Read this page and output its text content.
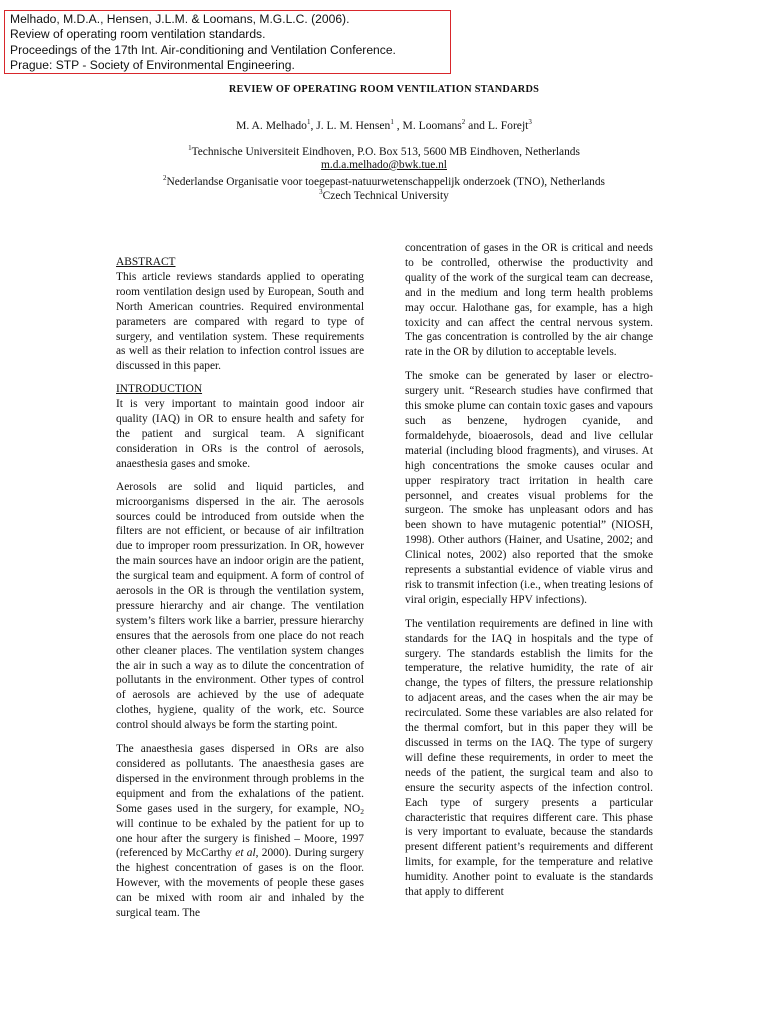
Melhado, M.D.A., Hensen, J.L.M. & Loomans, M.G.L.C. (2006).
Review of operating room ventilation standards.
Proceedings of the 17th Int. Air-conditioning and Ventilation Conference.
Prague: STP - Society of Environmental Engineering.
REVIEW OF OPERATING ROOM VENTILATION STANDARDS
M. A. Melhado$^1$, J. L. M. Hensen$^1$ , M. Loomans$^2$ and L. Forejt$^3$
$^1$Technische Universiteit Eindhoven, P.O. Box 513, 5600 MB Eindhoven, Netherlands
m.d.a.melhado@bwk.tue.nl
$^2$Nederlandse Organisatie voor toegepast-natuurwetenschappelijk onderzoek (TNO), Netherlands
$^3$Czech Technical University

ABSTRACT
This article reviews standards applied to operating room ventilation design used by European, South and North American countries. Required environmental parameters are compared with regard to type of surgery, and ventilation system. These requirements as well as their relation to infection control issues are discussed in this paper.

INTRODUCTION
It is very important to maintain good indoor air quality (IAQ) in OR to ensure health and safety for the patient and surgical team. A significant consideration in ORs is the control of aerosols, anaesthesia gases and smoke.

Aerosols are solid and liquid particles, and microorganisms dispersed in the air. The aerosols sources could be introduced from outside when the filters are not efficient, or because of air infiltration due to improper room pressurization. In OR, however the main sources have an indoor origin are the patient, the surgical team and equipment. A form of control of aerosols in the OR is through the ventilation system, pressure hierarchy and air change. The ventilation system’s filters work like a barrier, pressure hierarchy ensures that the aerosols from one place do not reach other cleaner places. The ventilation system changes the air in such a way as to dilute the concentration of pollutants in the environment. Other types of control of aerosols are achieved by the use of adequate clothes, hygiene, quality of the work, etc. Source control should always be form the starting point.

The anaesthesia gases dispersed in ORs are also considered as pollutants. The anaesthesia gases are dispersed in the environment through problems in the equipment and from the exhalations of the patient. Some gases used in the surgery, for example, $NO_2$ will continue to be exhaled by the patient for up to one hour after the surgery is finished – Moore, 1997 (referenced by McCarthy et al, 2000). During surgery the highest concentration of gases is on the floor. However, with the movements of people these gases can be mixed with room air and inhaled by the surgical team. The

concentration of gases in the OR is critical and needs to be controlled, otherwise the productivity and quality of the work of the surgical team can decrease, and in the medium and long term health problems may occur. Halothane gas, for example, has a high toxicity and can affect the central nervous system. The gas concentration is controlled by the air change rate in the OR by dilution to acceptable levels.

The smoke can be generated by laser or electro-surgery unit. “Research studies have confirmed that this smoke plume can contain toxic gases and vapours such as benzene, hydrogen cyanide, and formaldehyde, bioaerosols, dead and live cellular material (including blood fragments), and viruses. At high concentrations the smoke causes ocular and upper respiratory tract irritation in health care personnel, and creates visual problems for the surgeon. The smoke has unpleasant odors and has been shown to have mutagenic potential” (NIOSH, 1998). Other authors (Hainer, and Usatine, 2002; and Clinical notes, 2002) also reported that the smoke represents a substantial evidence of viable virus and risk to transmit infection (i.e., when treating lesions of viral origin, especially HPV infections).

The ventilation requirements are defined in line with standards for the IAQ in hospitals and the type of surgery. The standards establish the limits for the temperature, the relative humidity, the rate of air change, the types of filters, the pressure relationship to adjacent areas, and the cases when the air may be recirculated. Some these variables are also related for the thermal comfort, but in this paper they will be discussed in terms on the IAQ. The type of surgery will define these requirements, in order to meet the needs of the patient, the surgical team and also to ensure the security aspects of the infection control. Each type of surgery presents a particular characteristic that requires different care. This phase is very important to evaluate, because the standards present different patient’s requirements and different limits, for example, for the temperature and relative humidity. Another point to evaluate is the standards that apply to different
